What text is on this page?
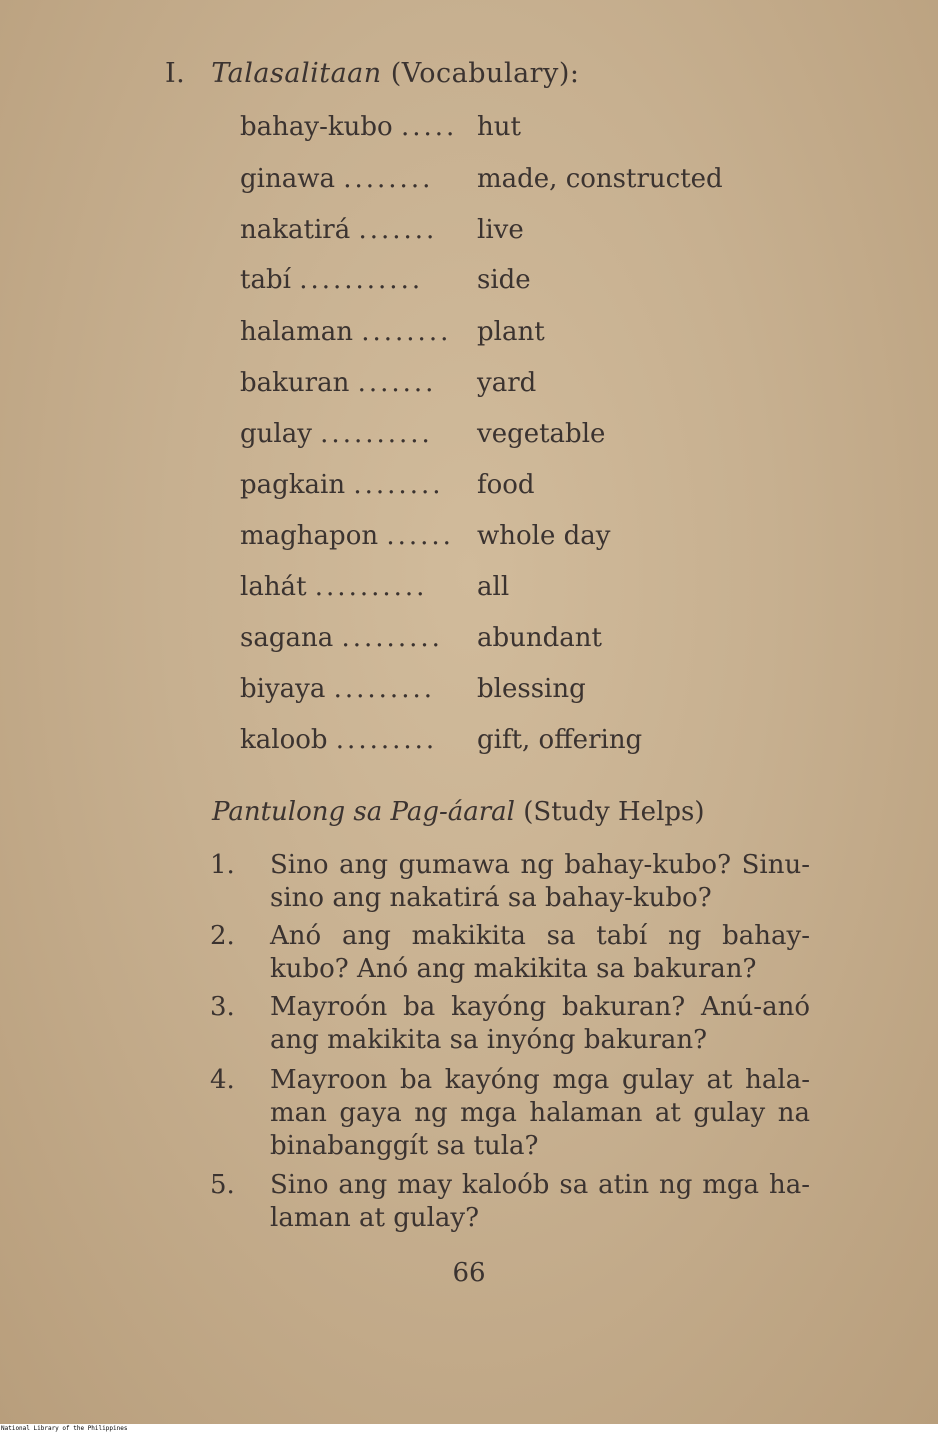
I. Talasalitaan (Vocabulary):
bahay-kubo ..... hut
ginawa ........ made, constructed
nakatirá ....... live
tabí ........... side
halaman ........ plant
bakuran ....... yard
gulay .......... vegetable
pagkain ........ food
maghapon ...... whole day
lahát .......... all
sagana ......... abundant
biyaya ......... blessing
kaloob ......... gift, offering
Pantulong sa Pag-áaral (Study Helps)
1. Sino ang gumawa ng bahay-kubo? Sinu-sino ang nakatirá sa bahay-kubo?
2. Anó ang makikita sa tabí ng bahay-kubo? Anó ang makikita sa bakuran?
3. Mayroón ba kayóng bakuran? Anú-anó ang makikita sa inyóng bakuran?
4. Mayroon ba kayóng mga gulay at hala-man gaya ng mga halaman at gulay na binabanggít sa tula?
5. Sino ang may kaloób sa atin ng mga ha-laman at gulay?
66
National Library of the Philippines
